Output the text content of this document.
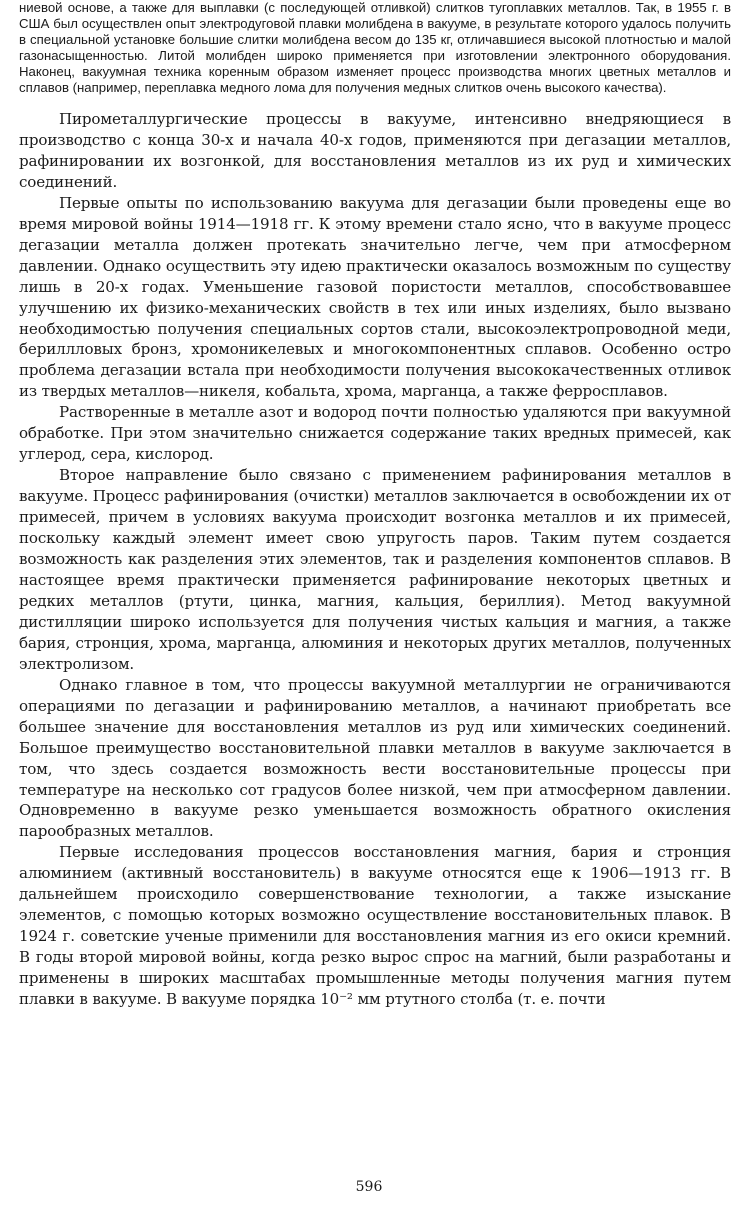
ниевой основе, а также для выплавки (с последующей отливкой) слитков тугоплавких металлов. Так, в 1955 г. в США был осуществлен опыт электродуговой плавки молибдена в вакууме, в результате которого удалось получить в специальной установке большие слитки молибдена весом до 135 кг, отличавшиеся высокой плотностью и малой газонасыщенностью. Литой молибден широко применяется при изготовлении электронного оборудования. Наконец, вакуумная техника коренным образом изменяет процесс производства многих цветных металлов и сплавов (например, переплавка медного лома для получения медных слитков очень высокого качества).

Пирометаллургические процессы в вакууме, интенсивно внедряющиеся в производство с конца 30-х и начала 40-х годов, применяются при дегазации металлов, рафинировании их возгонкой, для восстановления металлов из их руд и химических соединений.

Первые опыты по использованию вакуума для дегазации были проведены еще во время мировой войны 1914—1918 гг. К этому времени стало ясно, что в вакууме процесс дегазации металла должен протекать значительно легче, чем при атмосферном давлении. Однако осуществить эту идею практически оказалось возможным по существу лишь в 20-х годах. Уменьшение газовой пористости металлов, способствовавшее улучшению их физико-механических свойств в тех или иных изделиях, было вызвано необходимостью получения специальных сортов стали, высокоэлектропроводной меди, бериллловых бронз, хромоникелевых и многокомпонентных сплавов. Особенно остро проблема дегазации встала при необходимости получения высококачественных отливок из твердых металлов—никеля, кобальта, хрома, марганца, а также ферросплавов.

Растворенные в металле азот и водород почти полностью удаляются при вакуумной обработке. При этом значительно снижается содержание таких вредных примесей, как углерод, сера, кислород.

Второе направление было связано с применением рафинирования металлов в вакууме. Процесс рафинирования (очистки) металлов заключается в освобождении их от примесей, причем в условиях вакуума происходит возгонка металлов и их примесей, поскольку каждый элемент имеет свою упругость паров. Таким путем создается возможность как разделения этих элементов, так и разделения компонентов сплавов. В настоящее время практически применяется рафинирование некоторых цветных и редких металлов (ртути, цинка, магния, кальция, бериллия). Метод вакуумной дистилляции широко используется для получения чистых кальция и магния, а также бария, стронция, хрома, марганца, алюминия и некоторых других металлов, полученных электролизом.

Однако главное в том, что процессы вакуумной металлургии не ограничиваются операциями по дегазации и рафинированию металлов, а начинают приобретать все большее значение для восстановления металлов из руд или химических соединений. Большое преимущество восстановительной плавки металлов в вакууме заключается в том, что здесь создается возможность вести восстановительные процессы при температуре на несколько сот градусов более низкой, чем при атмосферном давлении. Одновременно в вакууме резко уменьшается возможность обратного окисления парообразных металлов.

Первые исследования процессов восстановления магния, бария и стронция алюминием (активный восстановитель) в вакууме относятся еще к 1906—1913 гг. В дальнейшем происходило совершенствование технологии, а также изыскание элементов, с помощью которых возможно осуществление восстановительных плавок. В 1924 г. советские ученые применили для восстановления магния из его окиси кремний. В годы второй мировой войны, когда резко вырос спрос на магний, были разработаны и применены в широких масштабах промышленные методы получения магния путем плавки в вакууме. В вакууме порядка 10⁻² мм ртутного столба (т. е. почти

596
